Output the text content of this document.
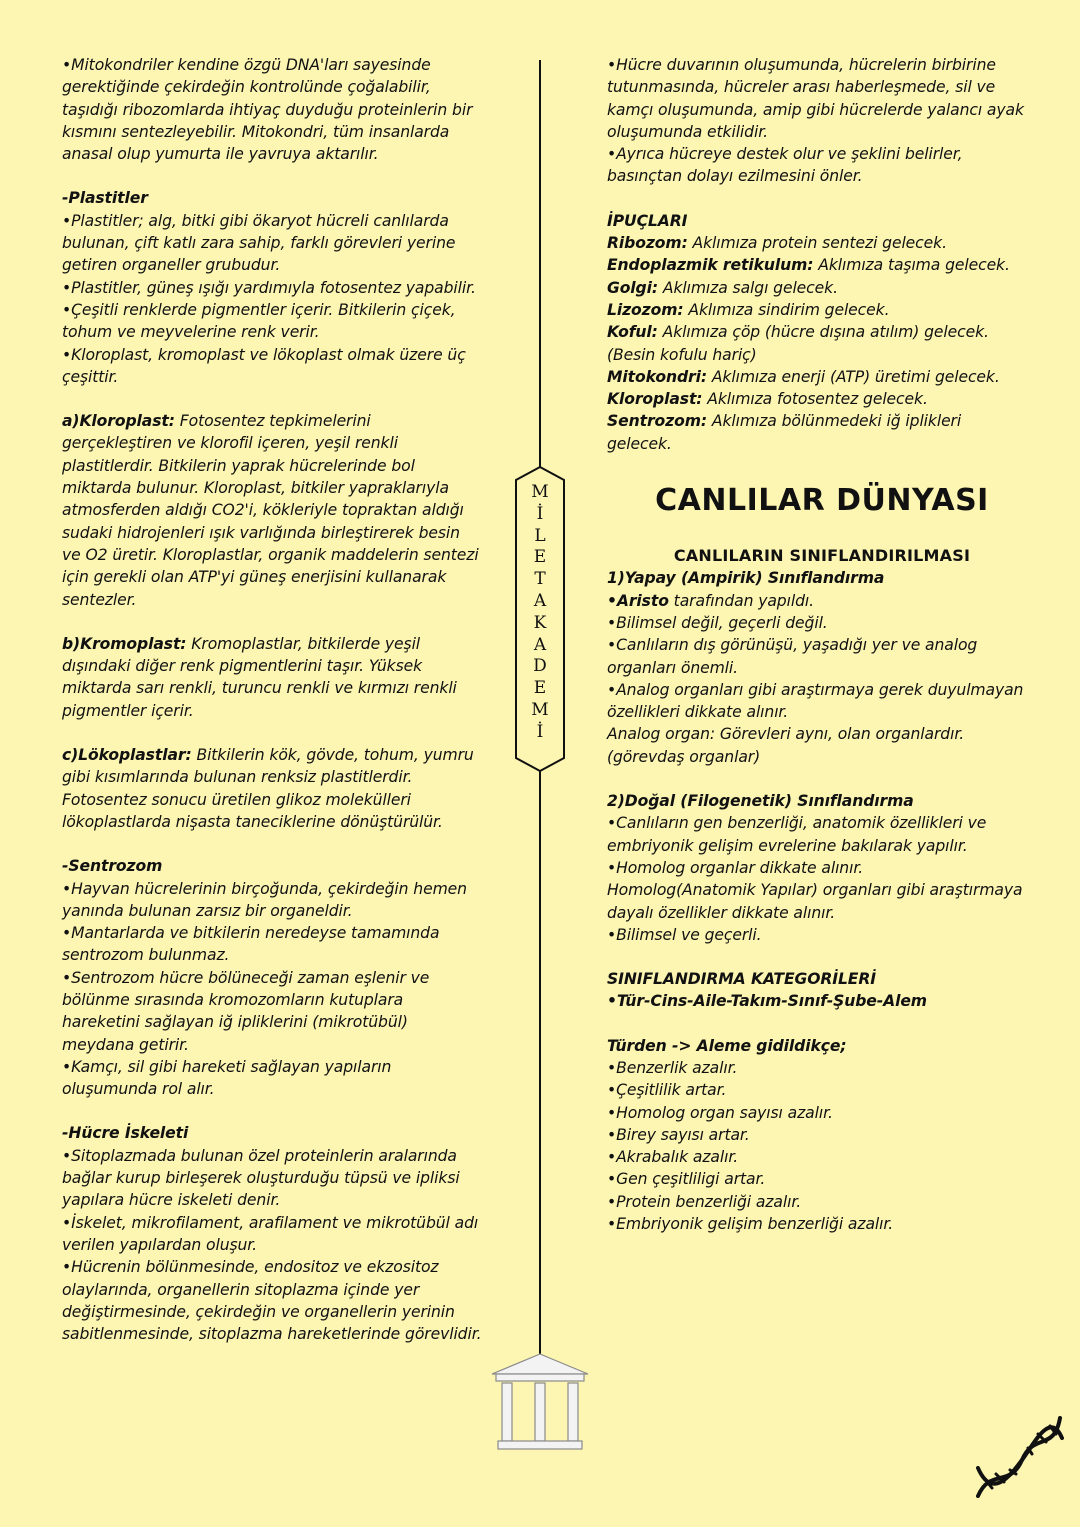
•Mitokondriler kendine özgü DNA'ları sayesinde gerektiğinde çekirdeğin kontrolünde çoğalabilir, taşıdığı ribozomlarda ihtiyaç duyduğu proteinlerin bir kısmını sentezleyebilir. Mitokondri, tüm insanlarda anasal olup yumurta ile yavruya aktarılır.

-Plastitler

•Plastitler; alg, bitki gibi ökaryot hücreli canlılarda bulunan, çift katlı zara sahip, farklı görevleri yerine getiren organeller grubudur.

•Plastitler, güneş ışığı yardımıyla fotosentez yapabilir.

•Çeşitli renklerde pigmentler içerir. Bitkilerin çiçek, tohum ve meyvelerine renk verir.

•Kloroplast, kromoplast ve lökoplast olmak üzere üç çeşittir.

a)Kloroplast: Fotosentez tepkimelerini gerçekleştiren ve klorofil içeren, yeşil renkli plastitlerdir. Bitkilerin yaprak hücrelerinde bol miktarda bulunur. Kloroplast, bitkiler yapraklarıyla atmosferden aldığı CO2'i, kökleriyle topraktan aldığı sudaki hidrojenleri ışık varlığında birleştirerek besin ve O2 üretir. Kloroplastlar, organik maddelerin sentezi için gerekli olan ATP'yi güneş enerjisini kullanarak sentezler.

b)Kromoplast: Kromoplastlar, bitkilerde yeşil dışındaki diğer renk pigmentlerini taşır. Yüksek miktarda sarı renkli, turuncu renkli ve kırmızı renkli pigmentler içerir.

c)Lökoplastlar: Bitkilerin kök, gövde, tohum, yumru gibi kısımlarında bulunan renksiz plastitlerdir. Fotosentez sonucu üretilen glikoz molekülleri lökoplastlarda nişasta taneciklerine dönüştürülür.

-Sentrozom

•Hayvan hücrelerinin birçoğunda, çekirdeğin hemen yanında bulunan zarsız bir organeldir.

•Mantarlarda ve bitkilerin neredeyse tamamında sentrozom bulunmaz.

•Sentrozom hücre bölüneceği zaman eşlenir ve bölünme sırasında kromozomların kutuplara hareketini sağlayan iğ ipliklerini (mikrotübül) meydana getirir.

•Kamçı, sil gibi hareketi sağlayan yapıların oluşumunda rol alır.

-Hücre İskeleti

•Sitoplazmada bulunan özel proteinlerin aralarında bağlar kurup birleşerek oluşturduğu tüpsü ve ipliksi yapılara hücre iskeleti denir.

•İskelet, mikrofilament, arafilament ve mikrotübül adı verilen yapılardan oluşur.

•Hücrenin bölünmesinde, endositoz ve ekzositoz olaylarında, organellerin sitoplazma içinde yer değiştirmesinde, çekirdeğin ve organellerin yerinin sabitlenmesinde, sitoplazma hareketlerinde görevlidir.

M
İ
L
E
T
A
K
A
D
E
M
İ

•Hücre duvarının oluşumunda, hücrelerin birbirine tutunmasında, hücreler arası haberleşmede, sil ve kamçı oluşumunda, amip gibi hücrelerde yalancı ayak oluşumunda etkilidir.

•Ayrıca hücreye destek olur ve şeklini belirler, basınçtan dolayı ezilmesini önler.

İPUÇLARI

Ribozom: Aklımıza protein sentezi gelecek.

Endoplazmik retikulum: Aklımıza taşıma gelecek.

Golgi: Aklımıza salgı gelecek.

Lizozom: Aklımıza sindirim gelecek.

Koful: Aklımıza çöp (hücre dışına atılım) gelecek. (Besin kofulu hariç)

Mitokondri: Aklımıza enerji (ATP) üretimi gelecek.

Kloroplast: Aklımıza fotosentez gelecek.

Sentrozom: Aklımıza bölünmedeki iğ iplikleri gelecek.

CANLILAR DÜNYASI
CANLILARIN SINIFLANDIRILMASI

1)Yapay (Ampirik) Sınıflandırma

•Aristo tarafından yapıldı.

•Bilimsel değil, geçerli değil.

•Canlıların dış görünüşü, yaşadığı yer ve analog organları önemli.

•Analog organları gibi araştırmaya gerek duyulmayan özellikleri dikkate alınır.

Analog organ: Görevleri aynı, olan organlardır.(görevdaş organlar)

2)Doğal (Filogenetik) Sınıflandırma

•Canlıların gen benzerliği, anatomik özellikleri ve embriyonik gelişim evrelerine bakılarak yapılır.

•Homolog organlar dikkate alınır.

Homolog(Anatomik Yapılar) organları gibi araştırmaya dayalı özellikler dikkate alınır.

•Bilimsel ve geçerli.

SINIFLANDIRMA KATEGORİLERİ

•Tür-Cins-Aile-Takım-Sınıf-Şube-Alem

Türden -> Aleme gidildikçe;

•Benzerlik azalır.

•Çeşitlilik artar.

•Homolog organ sayısı azalır.

•Birey sayısı artar.

•Akrabalık azalır.

•Gen çeşitliligi artar.

•Protein benzerliği azalır.

•Embriyonik gelişim benzerliği azalır.
